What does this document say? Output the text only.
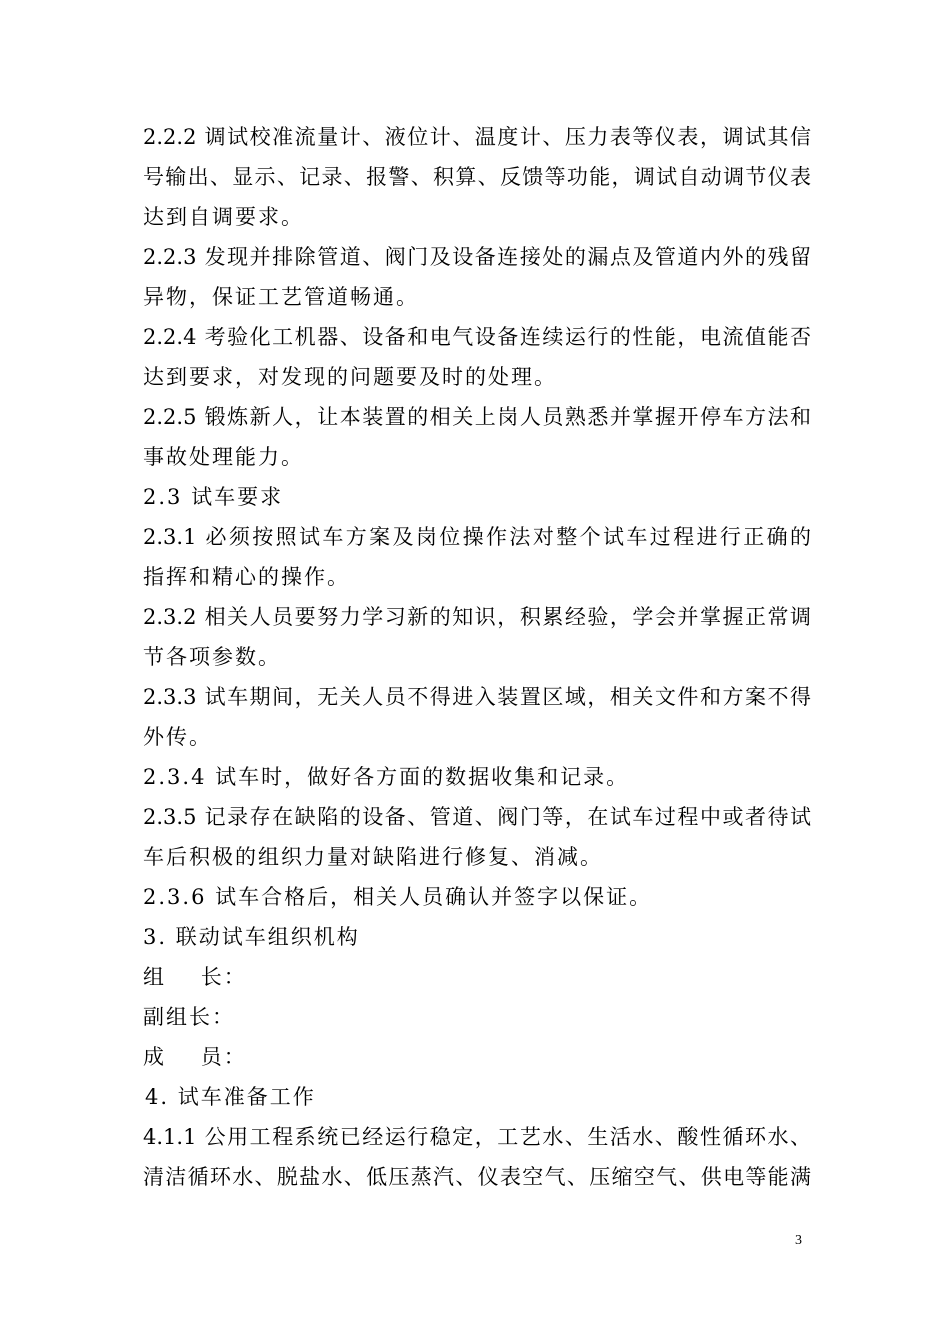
2.2.2 调试校准流量计、液位计、温度计、压力表等仪表，调试其信
号输出、显示、记录、报警、积算、反馈等功能，调试自动调节仪表
达到自调要求。
2.2.3 发现并排除管道、阀门及设备连接处的漏点及管道内外的残留
异物，保证工艺管道畅通。
2.2.4 考验化工机器、设备和电气设备连续运行的性能，电流值能否
达到要求，对发现的问题要及时的处理。
2.2.5 锻炼新人，让本装置的相关上岗人员熟悉并掌握开停车方法和
事故处理能力。
2.3 试车要求
2.3.1 必须按照试车方案及岗位操作法对整个试车过程进行正确的
指挥和精心的操作。
2.3.2 相关人员要努力学习新的知识，积累经验，学会并掌握正常调
节各项参数。
2.3.3 试车期间，无关人员不得进入装置区域，相关文件和方案不得
外传。
2.3.4 试车时，做好各方面的数据收集和记录。
2.3.5 记录存在缺陷的设备、管道、阀门等，在试车过程中或者待试
车后积极的组织力量对缺陷进行修复、消减。
2.3.6 试车合格后，相关人员确认并签字以保证。
3. 联动试车组织机构
组    长：
副组长：
成    员：
4. 试车准备工作
4.1.1 公用工程系统已经运行稳定，工艺水、生活水、酸性循环水、
清洁循环水、脱盐水、低压蒸汽、仪表空气、压缩空气、供电等能满
3
